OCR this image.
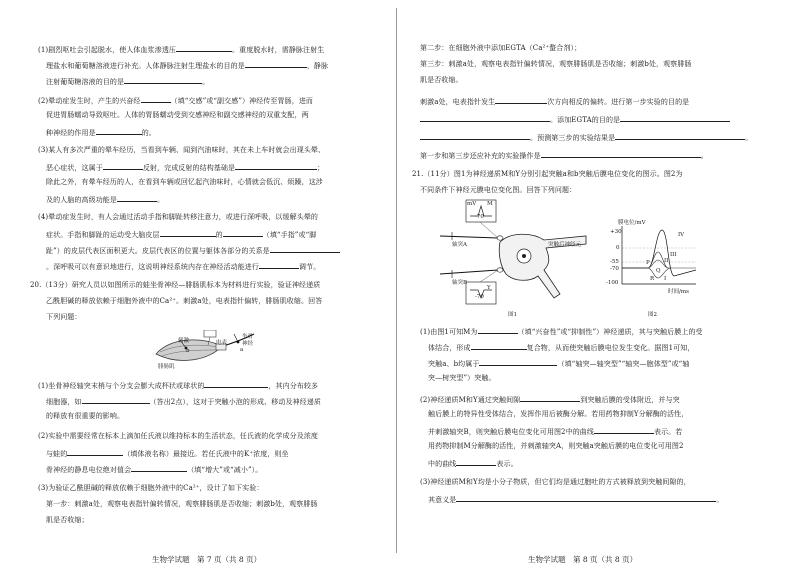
(1)剧烈呕吐会引起脱水，使人体血浆渗透压	。重度脱水时，需静脉注射生
理盐水和葡萄糖溶液进行补充。人体静脉注射生理盐水的目的是	，静脉
注射葡萄糖溶液的目的是	。
(2)晕动症发生时，产生的兴奋经	（填“交感”或“副交感”）神经传至胃肠，进而
促进胃肠蠕动导致呕吐。人体的胃肠蠕动受到交感神经和副交感神经的双重支配，两
种神经的作用是	的。
(3)某人有多次严重的晕车经历，当看到车辆、闻到汽油味时，其在未上车时就会出现头晕、
恶心症状，这属于	反射，完成反射的结构基础是	；
除此之外，有晕车经历的人，在看到车辆或回忆起汽油味时，心情就会低沉、烦躁，这涉
及的人脑的高级功能是	。
(4)晕动症发生时，有人会通过活动手指和脚趾转移注意力，或进行深呼吸，以缓解头晕的
症状。手指和脚趾的运动受大脑皮层	的	（填“手指”或“脚
趾”）的皮层代表区面积更大。皮层代表区的位置与躯体各部分的关系是
。深呼吸可以有意识地进行，这说明神经系统内存在神经活动能进行	调节。
20.（13分）研究人员以如图所示的蛙坐骨神经—腓肠肌标本为材料进行实验，验证神经递质
乙酰胆碱的释放依赖于细胞外液中的Ca²⁺。刺激a处，电表指针偏转，腓肠肌收缩。回答
下列问题：
坐骨
神经
刺激	电表
a
b
腓肠肌
(1)坐骨神经轴突末梢与个分支会膨大成杯状或球状的	，其内分布较多
细胞器，如	（答出2点），这对于突触小泡的形成、移动及神经递质
的释放有很重要的影响。
(2)实验中需要经常在标本上滴加任氏液以维持标本的生活状态，任氏液的化学成分及浓度
与蛙的	（填体液名称）最接近。若任氏液中的K⁺浓度，则坐
骨神经的静息电位绝对值会	（填“增大”或“减小”）。
(3)为验证乙酰胆碱的释放依赖于细胞外液中的Ca²⁺，设计了如下实验：
第一步：刺激a处，观察电表指针偏转情况，观察腓肠肌是否收缩；刺激b处，观察腓肠
肌是否收缩；
生物学试题　第 7 页（共 8 页）
第二步：在细胞外液中添加EGTA（Ca²⁺螯合剂）；
第三步：刺激a处，观察电表指针偏转情况，观察腓肠肌是否收缩；刺激b处，观察腓肠
肌是否收缩。
刺激a处，电表指针发生	次方向相反的偏转。进行第一步实验的目的是
。添加EGTA的目的是
。预测第三步的实验结果是	。
第一步和第三步还应补充的实验操作是	。
21.（11分）图1为神经递质M和Y分别引起突触a和b突触后膜电位变化的图示。图2为
不同条件下神经元膜电位变化图。回答下列问题：
mV M
-70
轴突A	突触后神经元
轴突B
Y
-70
图1
膜电位/mV
+30
0
-55
-70
-100
IV
III
II
I
P
Q
R
时间/ms
图2
(1)由图1可知M为	（填“兴奋性”或“抑制性”）神经递质，其与突触后膜上的受
体结合，形成	复合物，从而使突触后膜电位发生变化。据图1可知，
突触a、b均属于	（填“轴突—轴突型”“轴突—胞体型”或“轴
突—树突型”）突触。
(2)神经递质M和Y通过突触间隙	到突触后膜的受体附近，并与突
触后膜上的特异性受体结合，发挥作用后被酶分解。若用药物抑制Y分解酶的活性，
并刺激轴突B，则突触后膜电位变化可用图2中的曲线	表示。若
用药物抑制M分解酶的活性，并刺激轴突A，则突触a突触后膜的电位变化可用图2
中的曲线	表示。
(3)神经递质M和Y均是小分子物质，但它们均是通过胞吐的方式被释放到突触间隙的，
其意义是	。
生物学试题　第 8 页（共 8 页）
